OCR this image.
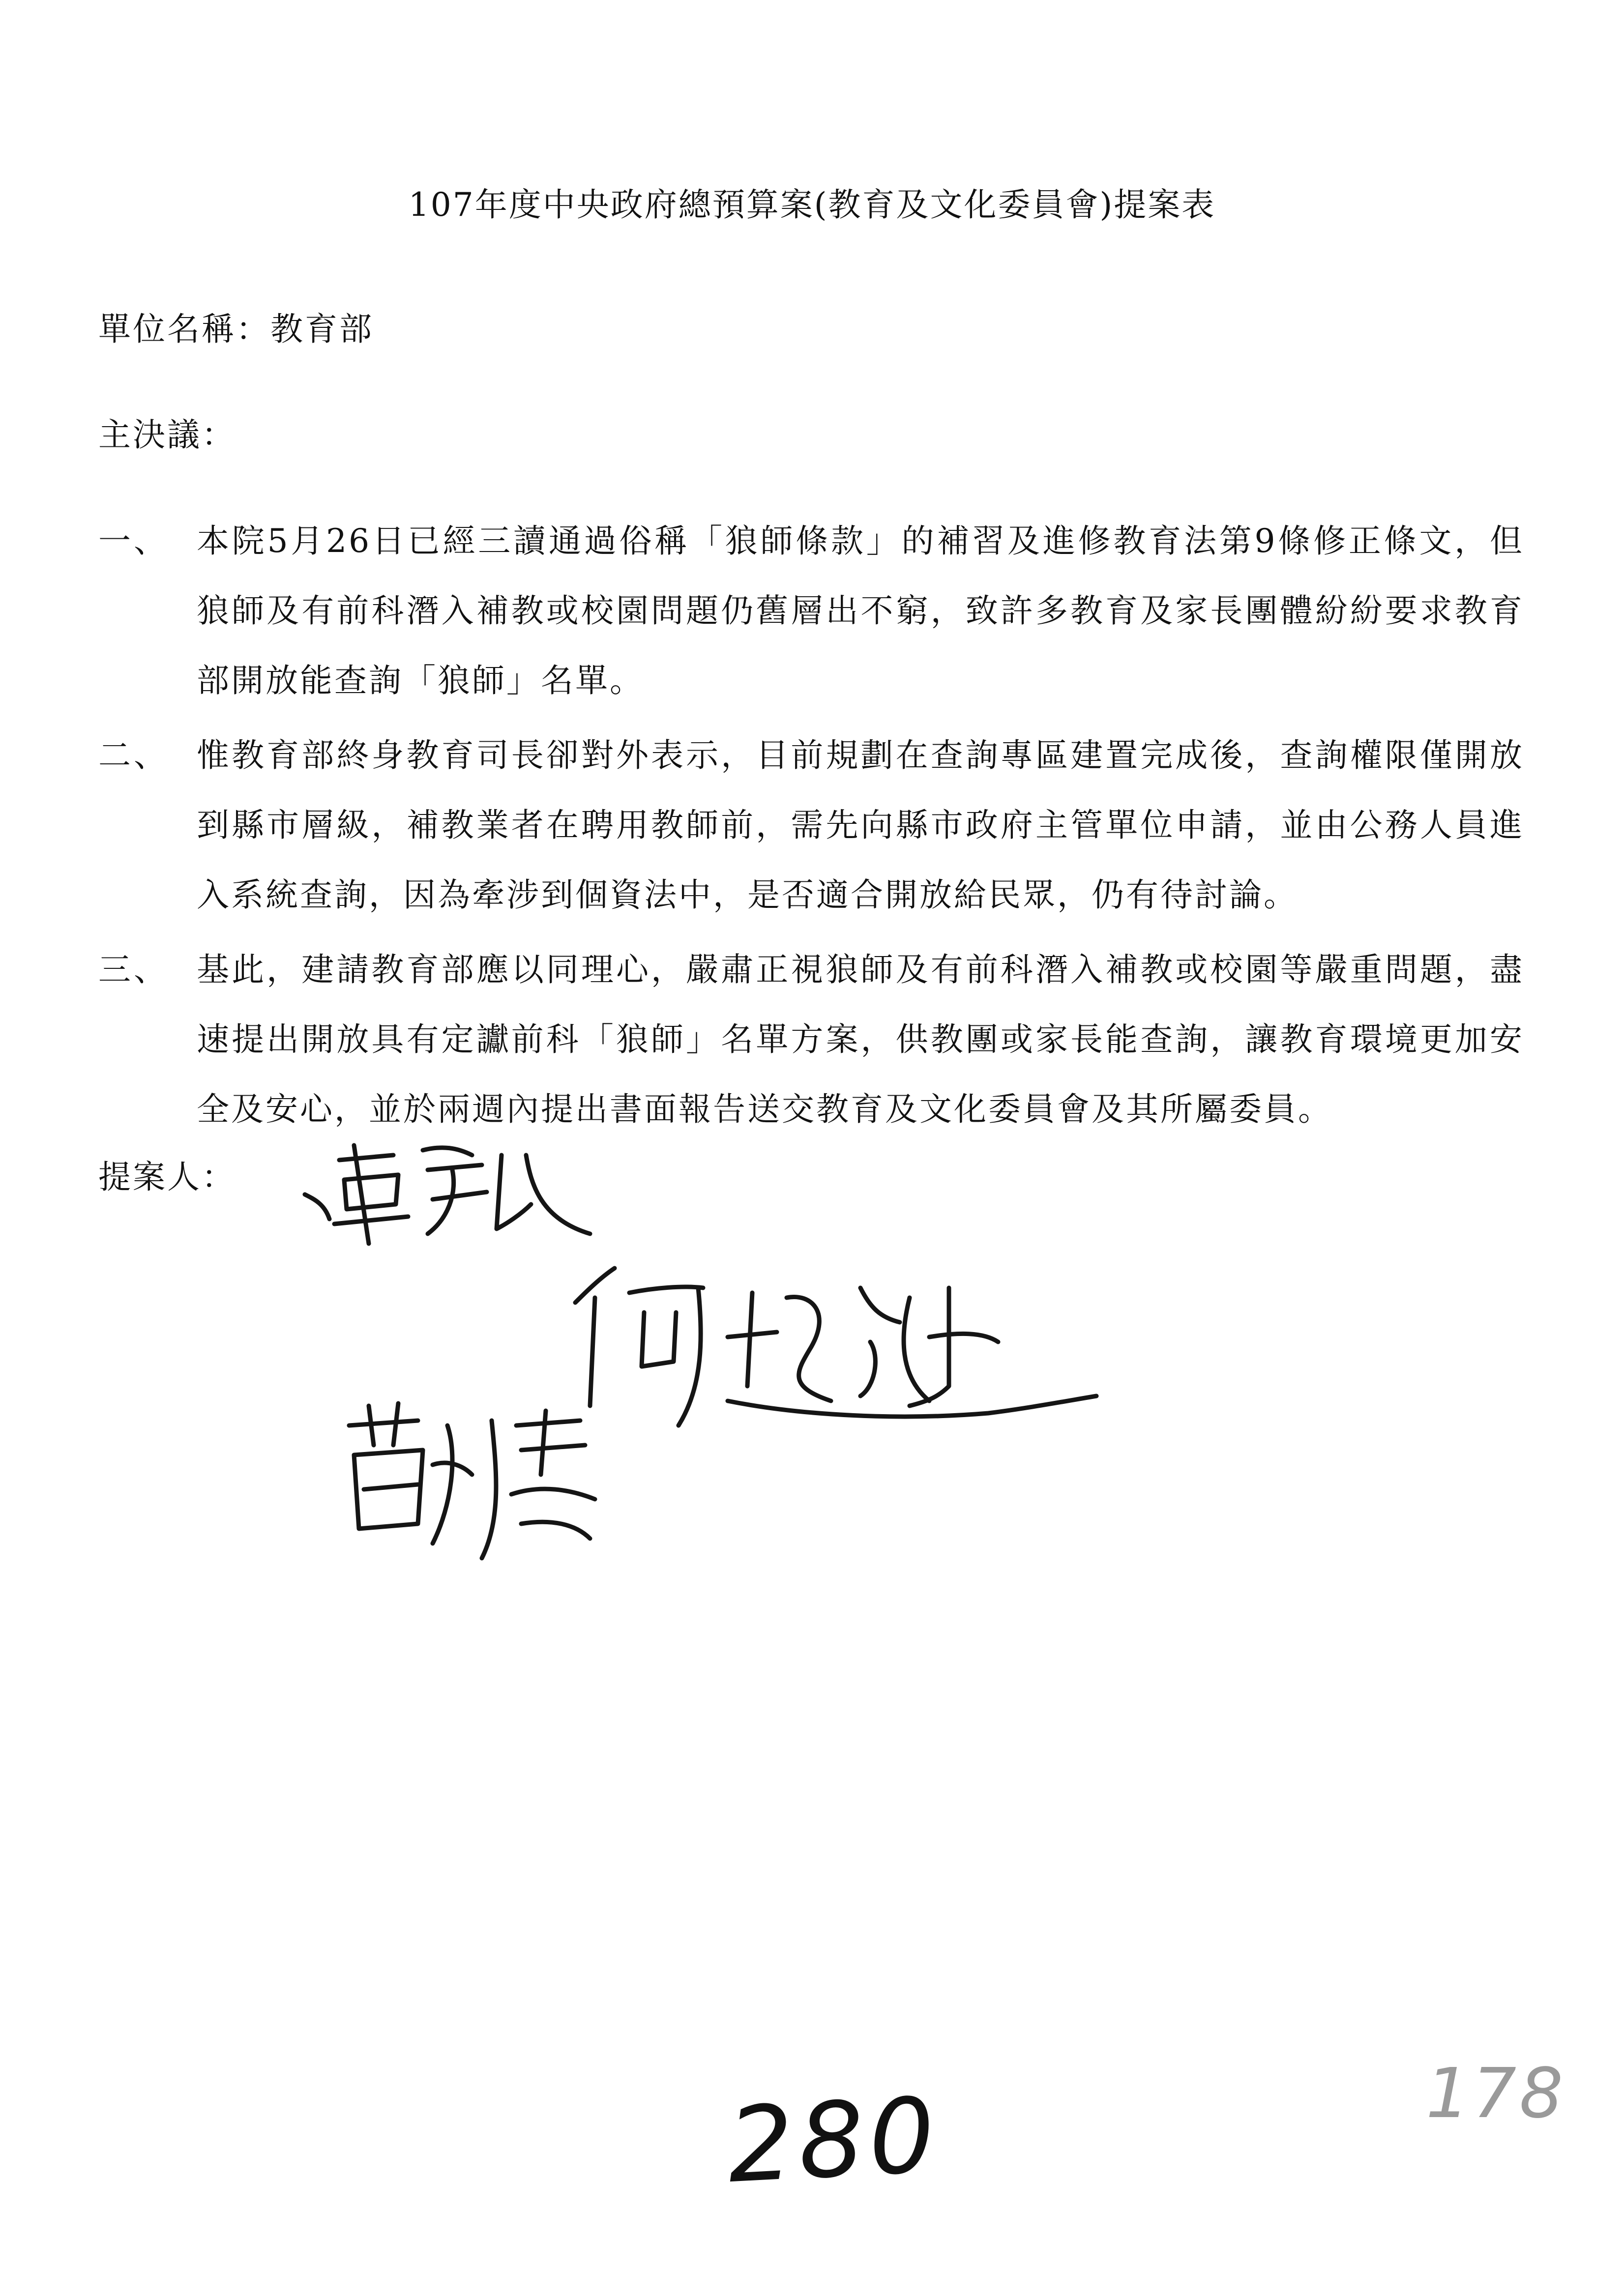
107年度中央政府總預算案(教育及文化委員會)提案表
單位名稱：教育部
主決議：
一、 本院5月26日已經三讀通過俗稱「狼師條款」的補習及進修教育法第9條修正條文，但狼師及有前科潛入補教或校園問題仍舊層出不窮，致許多教育及家長團體紛紛要求教育部開放能查詢「狼師」名單。
二、 惟教育部終身教育司長卻對外表示，目前規劃在查詢專區建置完成後，查詢權限僅開放到縣市層級，補教業者在聘用教師前，需先向縣市政府主管單位申請，並由公務人員進入系統查詢，因為牽涉到個資法中，是否適合開放給民眾，仍有待討論。
三、 基此，建請教育部應以同理心，嚴肅正視狼師及有前科潛入補教或校園等嚴重問題，盡速提出開放具有定讞前科「狼師」名單方案，供教團或家長能查詢，讓教育環境更加安全及安心，並於兩週內提出書面報告送交教育及文化委員會及其所屬委員。
提案人：
280	178
